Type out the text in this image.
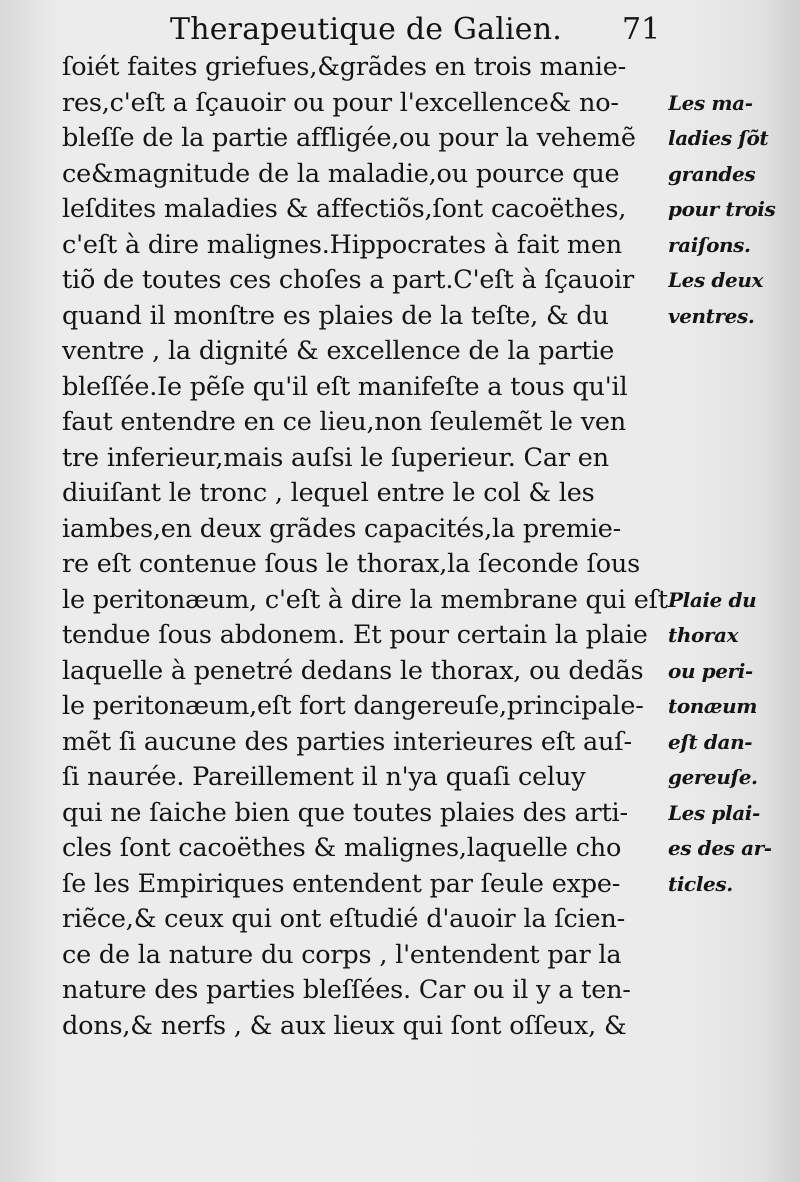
Therapeutique de Galien. 71
ſoiét faites griefues,&grãdes en trois manie-
res,c'eſt a ſçauoir ou pour l'excellence& no-
bleſſe de la partie affligée,ou pour la vehemẽ
ce&magnitude de la maladie,ou pource que
leſdites maladies & affectiõs,ſont cacoëthes,
c'eſt à dire malignes.Hippocrates à fait men
tiõ de toutes ces choſes a part.C'eſt à ſçauoir
quand il monſtre es plaies de la teſte, & du
ventre , la dignité & excellence de la partie
bleſſée.Ie pẽſe qu'il eſt manifeſte a tous qu'il
faut entendre en ce lieu,non ſeulemẽt le ven
tre inferieur,mais auſsi le ſuperieur. Car en
diuiſant le tronc , lequel entre le col & les
iambes,en deux grãdes capacités,la premie-
re eſt contenue ſous le thorax,la ſeconde ſous
le peritonæum, c'eſt à dire la membrane qui eſt
tendue ſous abdonem. Et pour certain la plaie
laquelle à penetré dedans le thorax, ou dedãs
le peritonæum,eſt fort dangereuſe,principale-
mẽt ſi aucune des parties interieures eſt auſ-
ſi naurée. Pareillement il n'ya quaſi celuy
qui ne ſaiche bien que toutes plaies des arti-
cles ſont cacoëthes & malignes,laquelle cho
ſe les Empiriques entendent par ſeule expe-
riẽce,& ceux qui ont eſtudié d'auoir la ſcien-
ce de la nature du corps , l'entendent par la
nature des parties bleſſées. Car ou il y a ten-
dons,& nerfs , & aux lieux qui ſont oſſeux, &
Les ma-
ladies ſõt
grandes
pour trois
raiſons.
Les deux
ventres.
Plaie du
thorax
ou peri-
tonæum
eſt dan-
gereuſe.
Les plai-
es des ar-
ticles.
